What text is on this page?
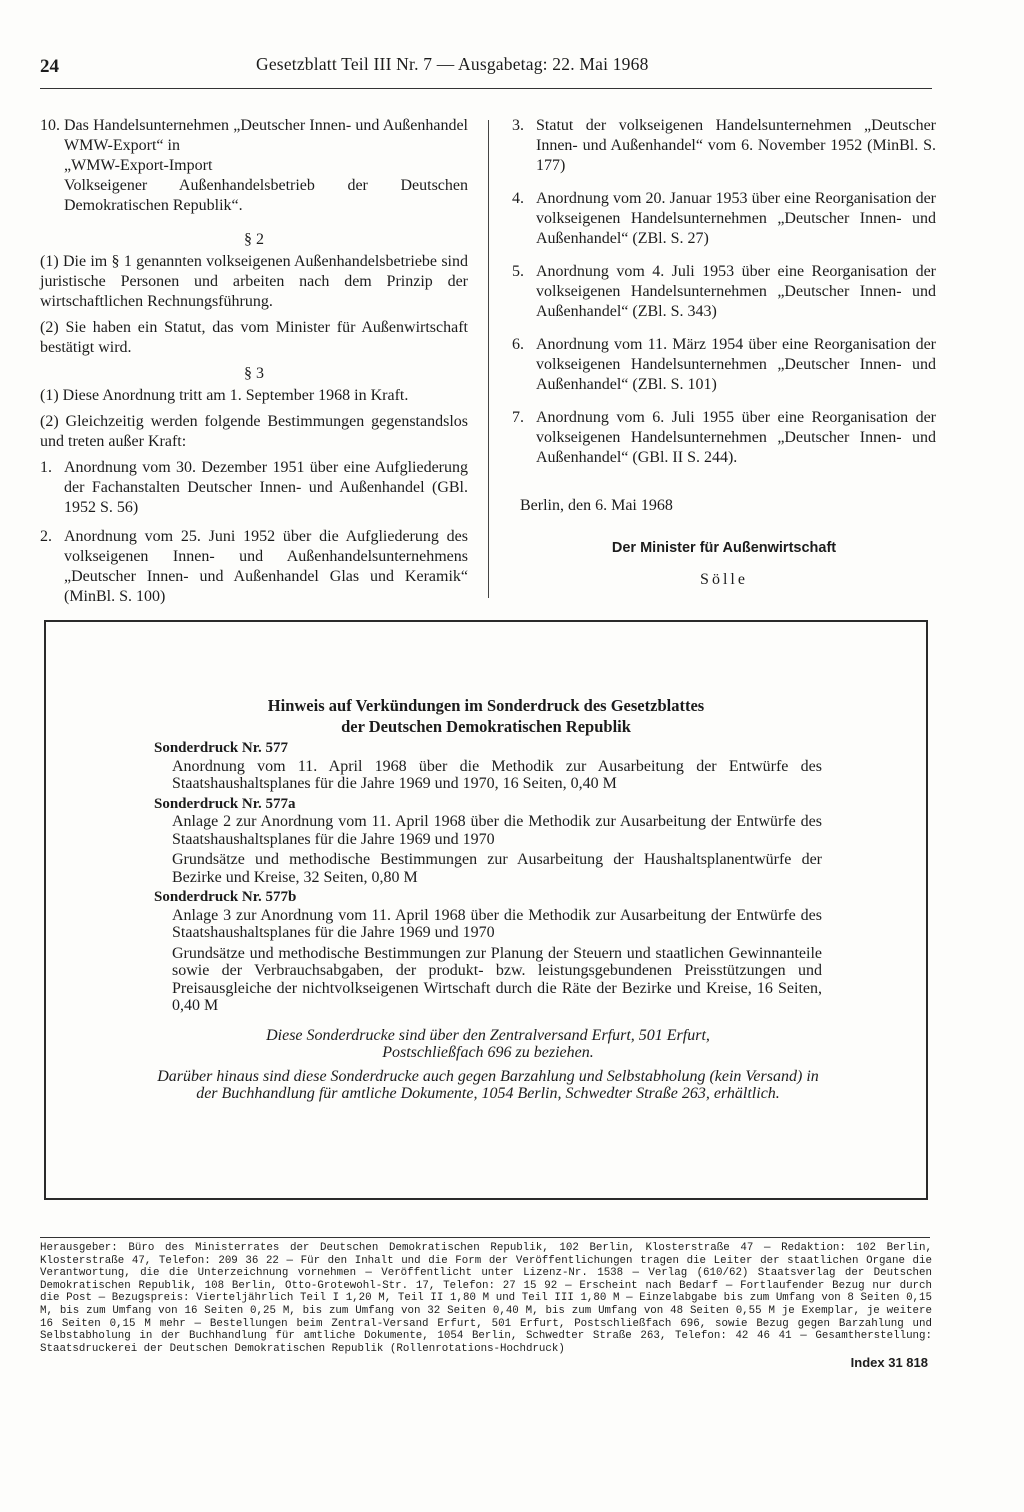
24	Gesetzblatt Teil III Nr. 7 — Ausgabetag: 22. Mai 1968
10. Das Handelsunternehmen „Deutscher Innen- und Außenhandel WMW-Export“ in
„WMW-Export-Import
Volkseigener Außenhandelsbetrieb der Deutschen Demokratischen Republik“.
§ 2
(1) Die im § 1 genannten volkseigenen Außenhandelsbetriebe sind juristische Personen und arbeiten nach dem Prinzip der wirtschaftlichen Rechnungsführung.
(2) Sie haben ein Statut, das vom Minister für Außenwirtschaft bestätigt wird.
§ 3
(1) Diese Anordnung tritt am 1. September 1968 in Kraft.
(2) Gleichzeitig werden folgende Bestimmungen gegenstandslos und treten außer Kraft:
1. Anordnung vom 30. Dezember 1951 über eine Aufgliederung der Fachanstalten Deutscher Innen- und Außenhandel (GBl. 1952 S. 56)
2. Anordnung vom 25. Juni 1952 über die Aufgliederung des volkseigenen Innen- und Außenhandelsunternehmens „Deutscher Innen- und Außenhandel Glas und Keramik“ (MinBl. S. 100)
3. Statut der volkseigenen Handelsunternehmen „Deutscher Innen- und Außenhandel“ vom 6. November 1952 (MinBl. S. 177)
4. Anordnung vom 20. Januar 1953 über eine Reorganisation der volkseigenen Handelsunternehmen „Deutscher Innen- und Außenhandel“ (ZBl. S. 27)
5. Anordnung vom 4. Juli 1953 über eine Reorganisation der volkseigenen Handelsunternehmen „Deutscher Innen- und Außenhandel“ (ZBl. S. 343)
6. Anordnung vom 11. März 1954 über eine Reorganisation der volkseigenen Handelsunternehmen „Deutscher Innen- und Außenhandel“ (ZBl. S. 101)
7. Anordnung vom 6. Juli 1955 über eine Reorganisation der volkseigenen Handelsunternehmen „Deutscher Innen- und Außenhandel“ (GBl. II S. 244).
Berlin, den 6. Mai 1968
Der Minister für Außenwirtschaft
Sölle
Hinweis auf Verkündungen im Sonderdruck des Gesetzblattes
der Deutschen Demokratischen Republik
Sonderdruck Nr. 577
Anordnung vom 11. April 1968 über die Methodik zur Ausarbeitung der Entwürfe des Staatshaushaltsplanes für die Jahre 1969 und 1970, 16 Seiten, 0,40 M
Sonderdruck Nr. 577a
Anlage 2 zur Anordnung vom 11. April 1968 über die Methodik zur Ausarbeitung der Entwürfe des Staatshaushaltsplanes für die Jahre 1969 und 1970
Grundsätze und methodische Bestimmungen zur Ausarbeitung der Haushaltsplanentwürfe der Bezirke und Kreise, 32 Seiten, 0,80 M
Sonderdruck Nr. 577b
Anlage 3 zur Anordnung vom 11. April 1968 über die Methodik zur Ausarbeitung der Entwürfe des Staatshaushaltsplanes für die Jahre 1969 und 1970
Grundsätze und methodische Bestimmungen zur Planung der Steuern und staatlichen Gewinnanteile sowie der Verbrauchsabgaben, der produkt- bzw. leistungsgebundenen Preisstützungen und Preisausgleiche der nichtvolkseigenen Wirtschaft durch die Räte der Bezirke und Kreise, 16 Seiten, 0,40 M
Diese Sonderdrucke sind über den Zentralversand Erfurt, 501 Erfurt, Postschließfach 696 zu beziehen.
Darüber hinaus sind diese Sonderdrucke auch gegen Barzahlung und Selbstabholung (kein Versand) in der Buchhandlung für amtliche Dokumente, 1054 Berlin, Schwedter Straße 263, erhältlich.
Herausgeber: Büro des Ministerrates der Deutschen Demokratischen Republik, 102 Berlin, Klosterstraße 47 — Redaktion: 102 Berlin, Klosterstraße 47, Telefon: 209 36 22 — Für den Inhalt und die Form der Veröffentlichungen tragen die Leiter der staatlichen Organe die Verantwortung, die die Unterzeichnung vornehmen — Veröffentlicht unter Lizenz-Nr. 1538 — Verlag (610/62) Staatsverlag der Deutschen Demokratischen Republik, 108 Berlin, Otto-Grotewohl-Str. 17, Telefon: 27 15 92 — Erscheint nach Bedarf — Fortlaufender Bezug nur durch die Post — Bezugspreis: Vierteljährlich Teil I 1,20 M, Teil II 1,80 M und Teil III 1,80 M — Einzelabgabe bis zum Umfang von 8 Seiten 0,15 M, bis zum Umfang von 16 Seiten 0,25 M, bis zum Umfang von 32 Seiten 0,40 M, bis zum Umfang von 48 Seiten 0,55 M je Exemplar, je weitere 16 Seiten 0,15 M mehr — Bestellungen beim Zentral-Versand Erfurt, 501 Erfurt, Postschließfach 696, sowie Bezug gegen Barzahlung und Selbstabholung in der Buchhandlung für amtliche Dokumente, 1054 Berlin, Schwedter Straße 263, Telefon: 42 46 41 — Gesamtherstellung: Staatsdruckerei der Deutschen Demokratischen Republik (Rollenrotations-Hochdruck)
Index 31 818
